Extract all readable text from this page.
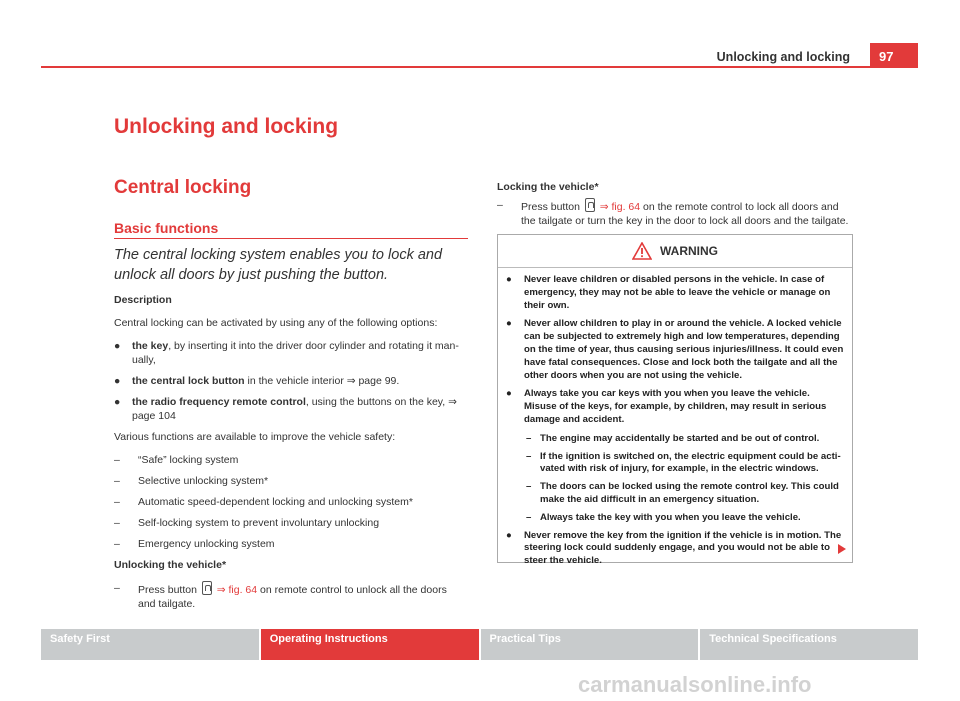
Unlocking and locking	97
Unlocking and locking
Central locking
Basic functions
The central locking system enables you to lock and unlock all doors by just pushing the button.
Description

Central locking can be activated by using any of the following options:

●	the key, by inserting it into the driver door cylinder and rotating it man- ually,
●	the central lock button in the vehicle interior ⇒ page 99.
●	the radio frequency remote control, using the buttons on the key, ⇒ page 104

Various functions are available to improve the vehicle safety:

–	“Safe” locking system
–	Selective unlocking system*
–	Automatic speed-dependent locking and unlocking system*
–	Self-locking system to prevent involuntary unlocking
–	Emergency unlocking system
Unlocking the vehicle*
–	Press button ⇒ fig. 64 on remote control to unlock all the doors and tailgate.
Locking the vehicle*
–	Press button ⇒ fig. 64 on the remote control to lock all doors and the tailgate or turn the key in the door to lock all doors and the tailgate.
WARNING
●	Never leave children or disabled persons in the vehicle. In case of emergency, they may not be able to leave the vehicle or manage on their own.
●	Never allow children to play in or around the vehicle. A locked vehicle can be subjected to extremely high and low temperatures, depending on the time of year, thus causing serious injuries/illness. It could even have fatal consequences. Close and lock both the tailgate and all the other doors when you are not using the vehicle.
●	Always take you car keys with you when you leave the vehicle. Misuse of the keys, for example, by children, may result in serious damage and accident.
– The engine may accidentally be started and be out of control.
– If the ignition is switched on, the electric equipment could be acti- vated with risk of injury, for example, in the electric windows.
– The doors can be locked using the remote control key. This could make the aid difficult in an emergency situation.
– Always take the key with you when you leave the vehicle.
●	Never remove the key from the ignition if the vehicle is in motion. The steering lock could suddenly engage, and you would not be able to steer the vehicle.
Safety First	Operating Instructions	Practical Tips	Technical Specifications
carmanualsonline.info
